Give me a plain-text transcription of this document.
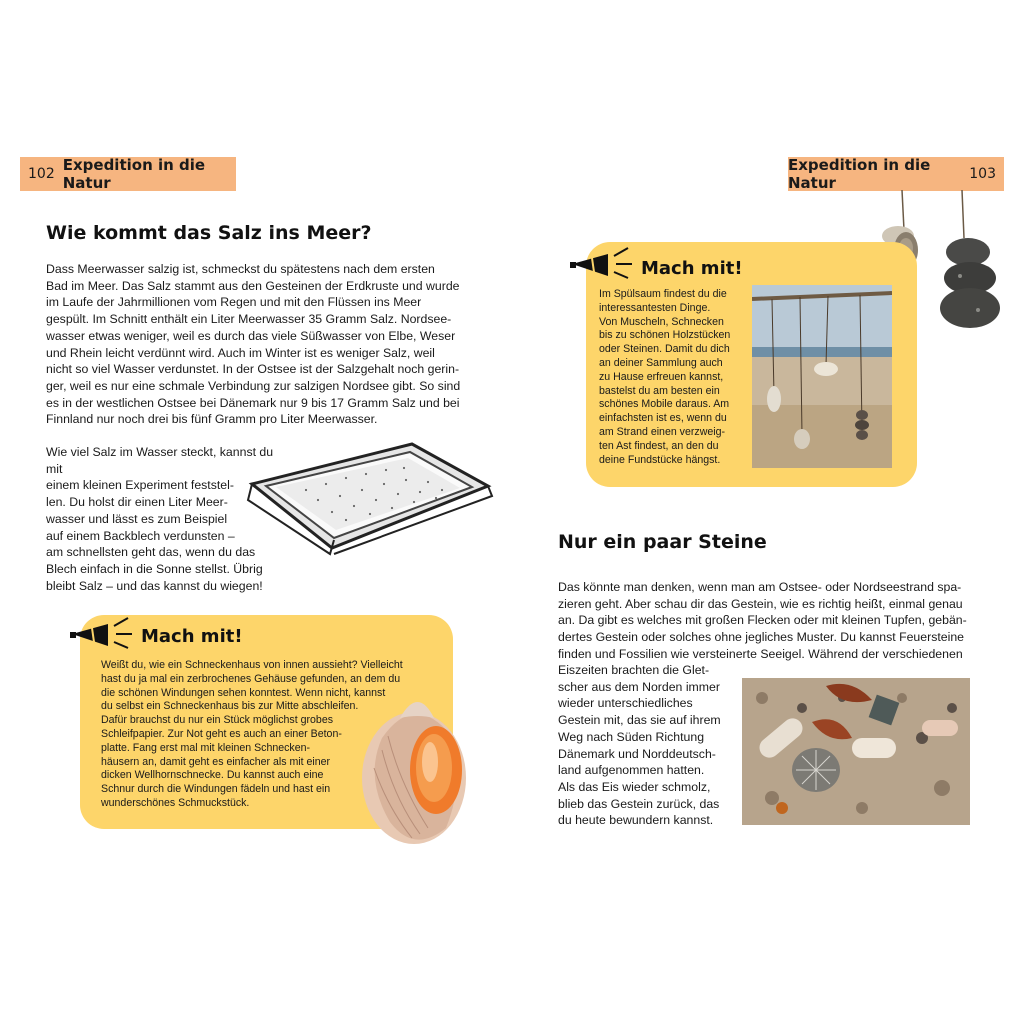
102 Expedition in die Natur
Wie kommt das Salz ins Meer?

Dass Meerwasser salzig ist, schmeckst du spätestens nach dem ersten
Bad im Meer. Das Salz stammt aus den Gesteinen der Erdkruste und wurde
im Laufe der Jahrmillionen vom Regen und mit den Flüssen ins Meer
gespült. Im Schnitt enthält ein Liter Meerwasser 35 Gramm Salz. Nordsee-
wasser etwas weniger, weil es durch das viele Süßwasser von Elbe, Weser
und Rhein leicht verdünnt wird. Auch im Winter ist es weniger Salz, weil
nicht so viel Wasser verdunstet. In der Ostsee ist der Salzgehalt noch gerin-
ger, weil es nur eine schmale Verbindung zur salzigen Nordsee gibt. So sind
es in der westlichen Ostsee bei Dänemark nur 9 bis 17 Gramm Salz und bei
Finnland nur noch drei bis fünf Gramm pro Liter Meerwasser.

Wie viel Salz im Wasser steckt, kannst du mit
einem kleinen Experiment feststel-
len. Du holst dir einen Liter Meer-
wasser und lässt es zum Beispiel
auf einem Backblech verdunsten –
am schnellsten geht das, wenn du das
Blech einfach in die Sonne stellst. Übrig
bleibt Salz – und das kannst du wiegen!

Mach mit!

Weißt du, wie ein Schneckenhaus von innen aussieht? Vielleicht
hast du ja mal ein zerbrochenes Gehäuse gefunden, an dem du
die schönen Windungen sehen konntest. Wenn nicht, kannst
du selbst ein Schneckenhaus bis zur Mitte abschleifen.
Dafür brauchst du nur ein Stück möglichst grobes
Schleifpapier. Zur Not geht es auch an einer Beton-
platte. Fang erst mal mit kleinen Schnecken-
häusern an, damit geht es einfacher als mit einer
dicken Wellhornschnecke. Du kannst auch eine
Schnur durch die Windungen fädeln und hast ein
wunderschönes Schmuckstück.

Expedition in die Natur	103
Mach mit!

Im Spülsaum findest du die
interessantesten Dinge.
Von Muscheln, Schnecken
bis zu schönen Holzstücken
oder Steinen. Damit du dich
an deiner Sammlung auch
zu Hause erfreuen kannst,
bastelst du am besten ein
schönes Mobile daraus. Am
einfachsten ist es, wenn du
am Strand einen verzweig-
ten Ast findest, an den du
deine Fundstücke hängst.

Nur ein paar Steine

Das könnte man denken, wenn man am Ostsee- oder Nordseestrand spa-
zieren geht. Aber schau dir das Gestein, wie es richtig heißt, einmal genau
an. Da gibt es welches mit großen Flecken oder mit kleinen Tupfen, gebän-
dertes Gestein oder solches ohne jegliches Muster. Du kannst Feuersteine
finden und Fossilien wie versteinerte Seeigel. Während der verschiedenen

Eiszeiten brachten die Glet-
scher aus dem Norden immer
wieder unterschiedliches
Gestein mit, das sie auf ihrem
Weg nach Süden Richtung
Dänemark und Norddeutsch-
land aufgenommen hatten.
Als das Eis wieder schmolz,
blieb das Gestein zurück, das
du heute bewundern kannst.
